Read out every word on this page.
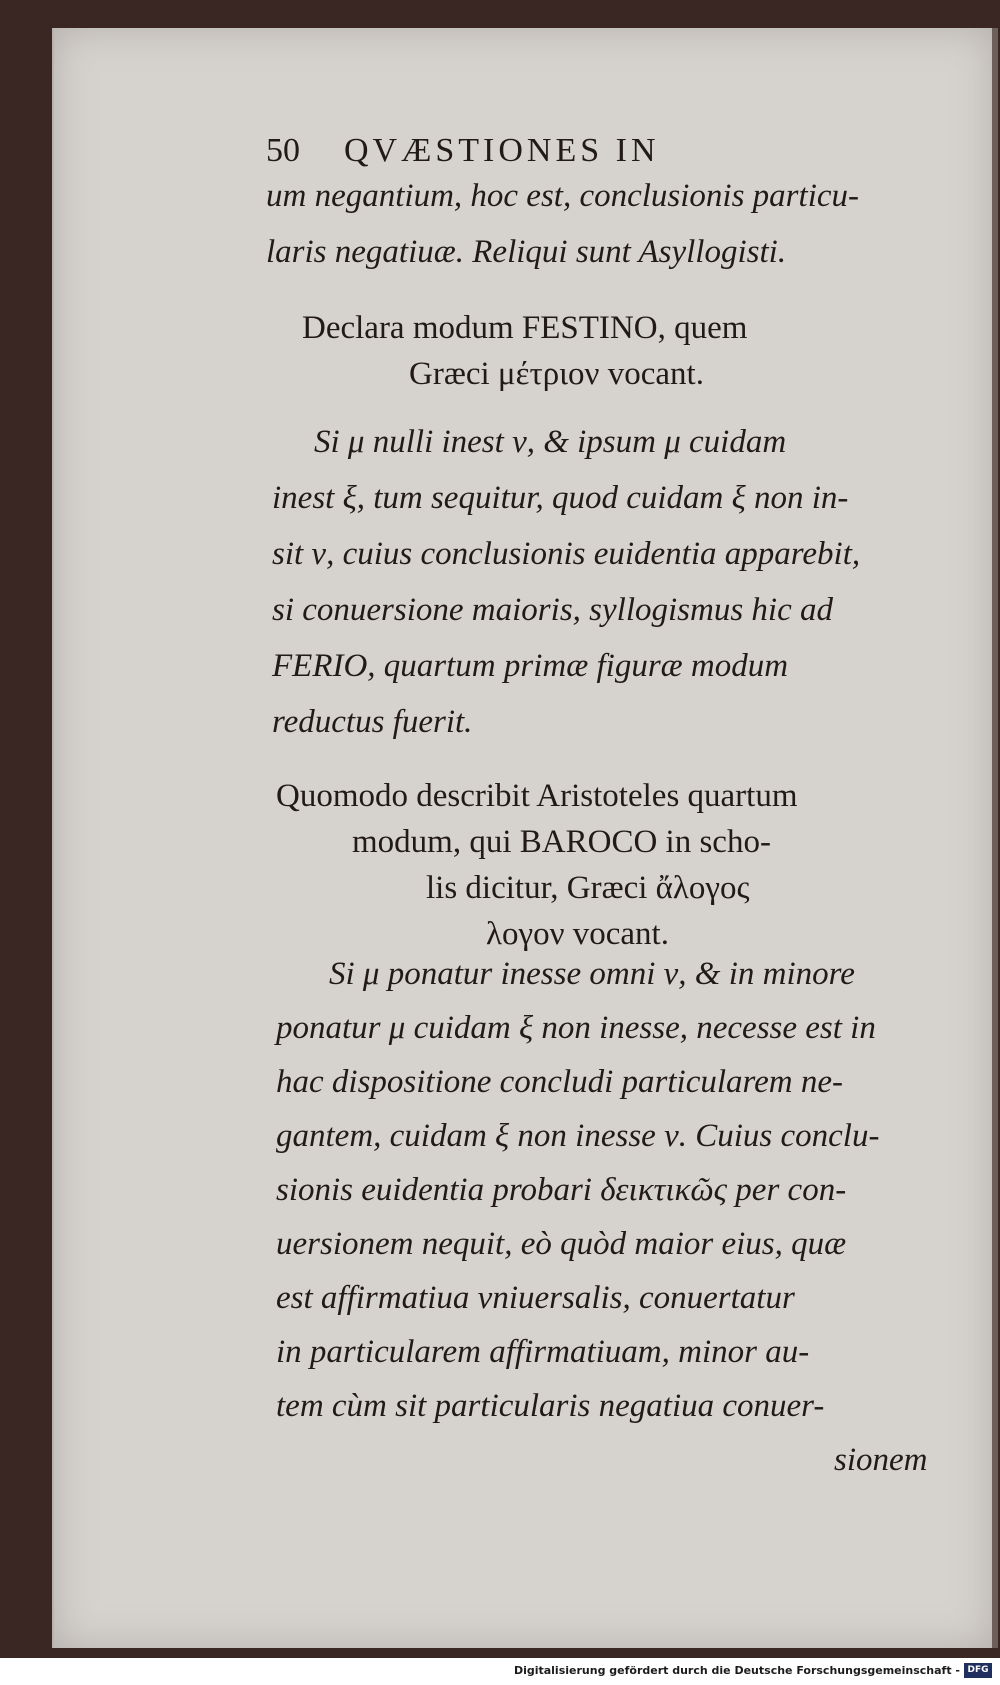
50 QVÆSTIONES IN
um negantium, hoc est, conclusionis particu-
laris negatiuæ. Reliqui sunt Asyllogisti.
Declara modum FESTINO, quem
Græci μέτριον vocant.
Si μ nulli inest ν, & ipsum μ cuidam
inest ξ, tum sequitur, quod cuidam ξ non in-
sit ν, cuius conclusionis euidentia apparebit,
si conuersione maioris, syllogismus hic ad
FERIO, quartum primæ figuræ modum
reductus fuerit.
Quomodo describit Aristoteles quartum
modum, qui BAROCO in scho-
lis dicitur, Græci ἄλογος
λογον vocant.
Si μ ponatur inesse omni ν, & in minore
ponatur μ cuidam ξ non inesse, necesse est in
hac dispositione concludi particularem ne-
gantem, cuidam ξ non inesse ν. Cuius conclu-
sionis euidentia probari δεικτικῶς per con-
uersionem nequit, eò quòd maior eius, quæ
est affirmatiua vniuersalis, conuertatur
in particularem affirmatiuam, minor au-
tem cùm sit particularis negatiua conuer-
sionem
Digitalisierung gefördert durch die Deutsche Forschungsgemeinschaft - DFG
